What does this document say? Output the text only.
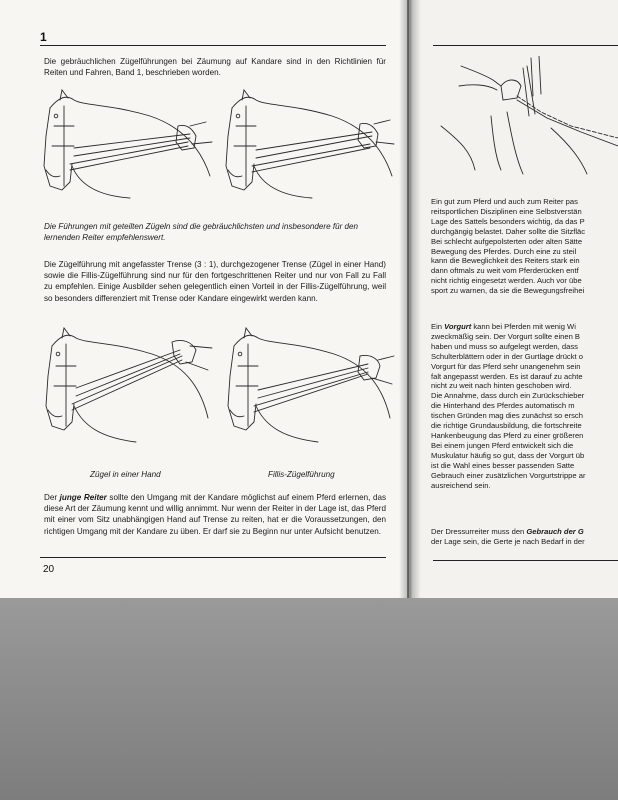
1

Die gebräuchlichen Zügelführungen bei Zäumung auf Kandare sind in den Richtlinien für Reiten und Fahren, Band 1, beschrieben worden.

Die Führungen mit geteilten Zügeln sind die gebräuchlichsten und insbesondere für den lernenden Reiter empfehlenswert.

Die Zügelführung mit angefasster Trense (3 : 1), durchgezogener Trense (Zügel in einer Hand) sowie die Fillis-Zügelführung sind nur für den fortgeschrittenen Reiter und nur von Fall zu Fall zu empfehlen. Einige Ausbilder sehen gelegentlich einen Vorteil in der Fillis-Zügelführung, weil so besonders differenziert mit Trense oder Kandare eingewirkt werden kann.

Zügel in einer Hand	Fillis-Zügelführung

Der junge Reiter sollte den Umgang mit der Kandare möglichst auf einem Pferd erlernen, das diese Art der Zäumung kennt und willig annimmt. Nur wenn der Reiter in der Lage ist, das Pferd mit einer vom Sitz unabhängigen Hand auf Trense zu reiten, hat er die Voraussetzungen, den richtigen Umgang mit der Kandare zu üben. Er darf sie zu Beginn nur unter Aufsicht benutzen.

20
Ein gut zum Pferd und auch zum Reiter pas
reitsportlichen Disziplinen eine Selbstverstän
Lage des Sattels besonders wichtig, da das P
durchgängig belastet. Daher sollte die Sitzfläc
Bei schlecht aufgepolsterten oder alten Sätte
Bewegung des Pferdes. Durch eine zu steil
kann die Beweglichkeit des Reiters stark ein
dann oftmals zu weit vom Pferderücken entf
nicht richtig eingesetzt werden. Auch vor übe
sport zu warnen, da sie die Bewegungsfreihei
Ein Vorgurt kann bei Pferden mit wenig Wi
zweckmäßig sein. Der Vorgurt sollte einen B
haben und muss so aufgelegt werden, dass
Schulterblättern oder in der Gurtlage drückt o
Vorgurt für das Pferd sehr unangenehm sein
falt angepasst werden. Es ist darauf zu achte
nicht zu weit nach hinten geschoben wird.
Die Annahme, dass durch ein Zurückschieber
die Hinterhand des Pferdes automatisch m
tischen Gründen mag dies zunächst so ersch
die richtige Grundausbildung, die fortschreite
Hankenbeugung das Pferd zu einer größeren
Bei einem jungen Pferd entwickelt sich die
Muskulatur häufig so gut, dass der Vorgurt üb
ist die Wahl eines besser passenden Satte
Gebrauch einer zusätzlichen Vorgurtstrippe ar
ausreichend sein.
Der Dressurreiter muss den Gebrauch der G
der Lage sein, die Gerte je nach Bedarf in der
